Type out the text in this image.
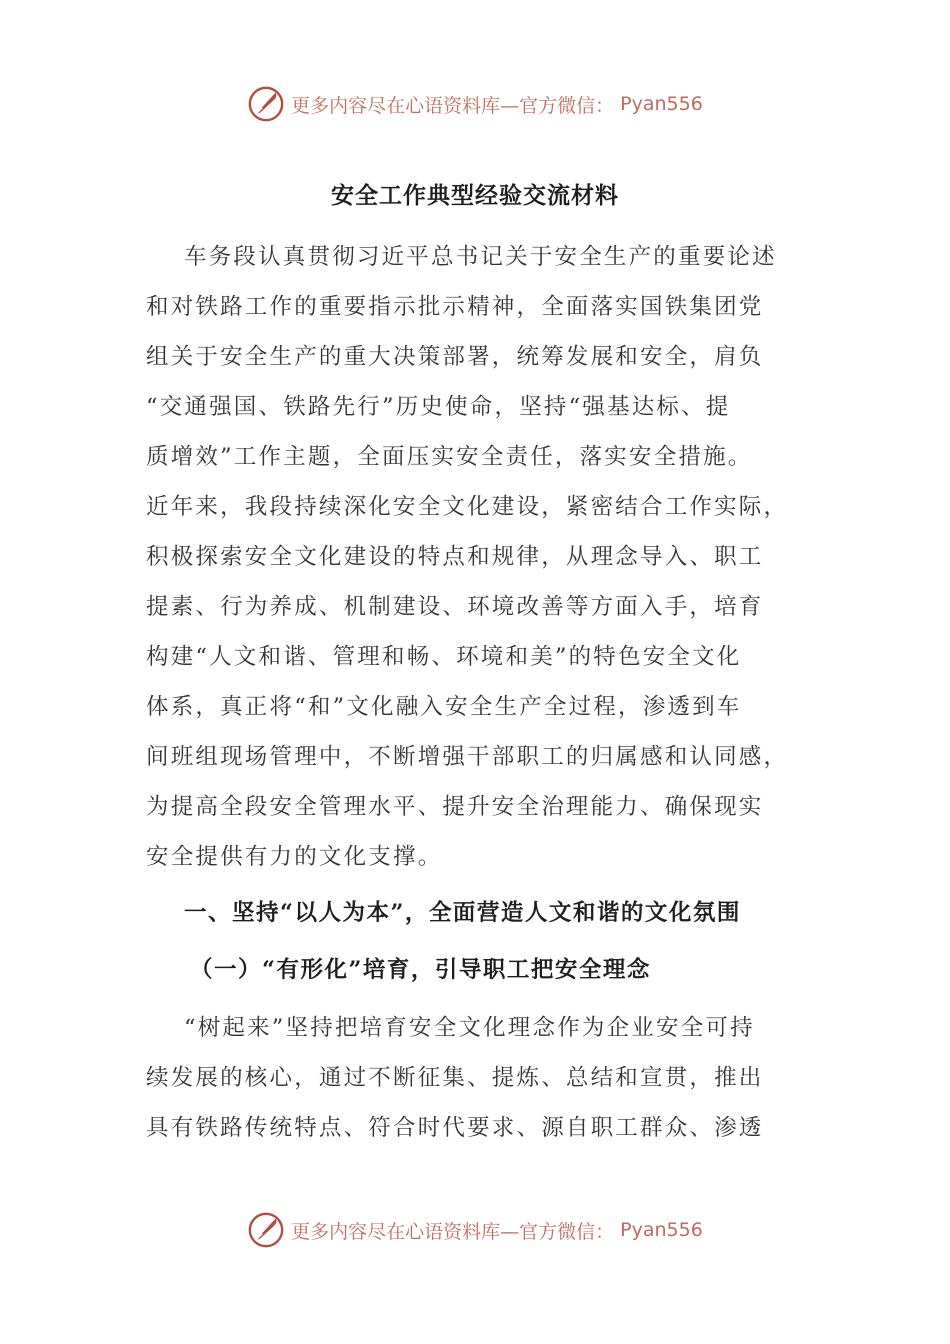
更多内容尽在心语资料库—官方微信： Pyan556
安全工作典型经验交流材料

车务段认真贯彻习近平总书记关于安全生产的重要论述

和对铁路工作的重要指示批示精神，全面落实国铁集团党

组关于安全生产的重大决策部署，统筹发展和安全，肩负

“交通强国、铁路先行”历史使命，坚持“强基达标、提

质增效”工作主题，全面压实安全责任，落实安全措施。

近年来，我段持续深化安全文化建设，紧密结合工作实际，

积极探索安全文化建设的特点和规律，从理念导入、职工

提素、行为养成、机制建设、环境改善等方面入手，培育

构建“人文和谐、管理和畅、环境和美”的特色安全文化

体系，真正将“和”文化融入安全生产全过程，渗透到车

间班组现场管理中，不断增强干部职工的归属感和认同感，

为提高全段安全管理水平、提升安全治理能力、确保现实

安全提供有力的文化支撑。

一、坚持“以人为本”，全面营造人文和谐的文化氛围
（一）“有形化”培育，引导职工把安全理念

“树起来”坚持把培育安全文化理念作为企业安全可持

续发展的核心，通过不断征集、提炼、总结和宣贯，推出

具有铁路传统特点、符合时代要求、源自职工群众、渗透

更多内容尽在心语资料库—官方微信： Pyan556
